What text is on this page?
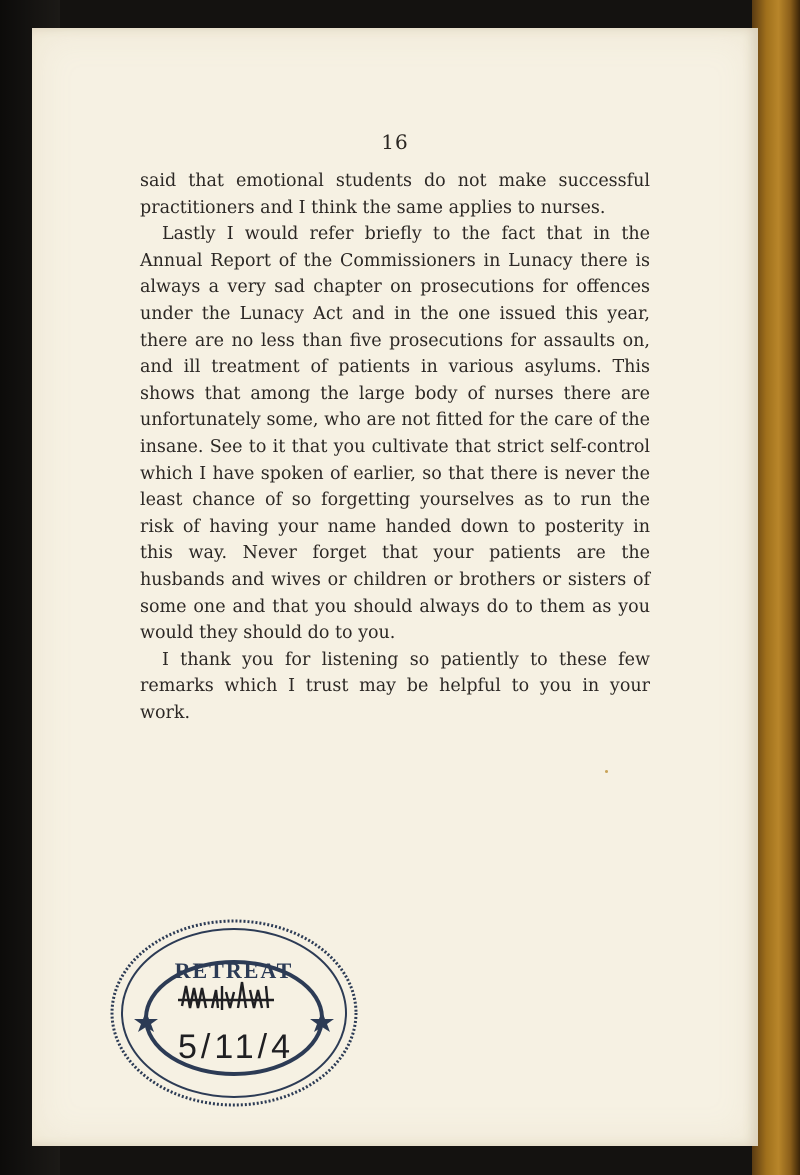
16

said that emotional students do not make successful practitioners and I think the same applies to nurses.

Lastly I would refer briefly to the fact that in the Annual Report of the Commissioners in Lunacy there is always a very sad chapter on prosecutions for offences under the Lunacy Act and in the one issued this year, there are no less than five prosecutions for assaults on, and ill treatment of patients in various asylums. This shows that among the large body of nurses there are unfortunately some, who are not fitted for the care of the insane. See to it that you cultivate that strict self-control which I have spoken of earlier, so that there is never the least chance of so forgetting yourselves as to run the risk of having your name handed down to posterity in this way. Never forget that your patients are the husbands and wives or children or brothers or sisters of some one and that you should always do to them as you would they should do to you.

I thank you for listening so patiently to these few remarks which I trust may be helpful to you in your work.

RETREAT
5/11/4
